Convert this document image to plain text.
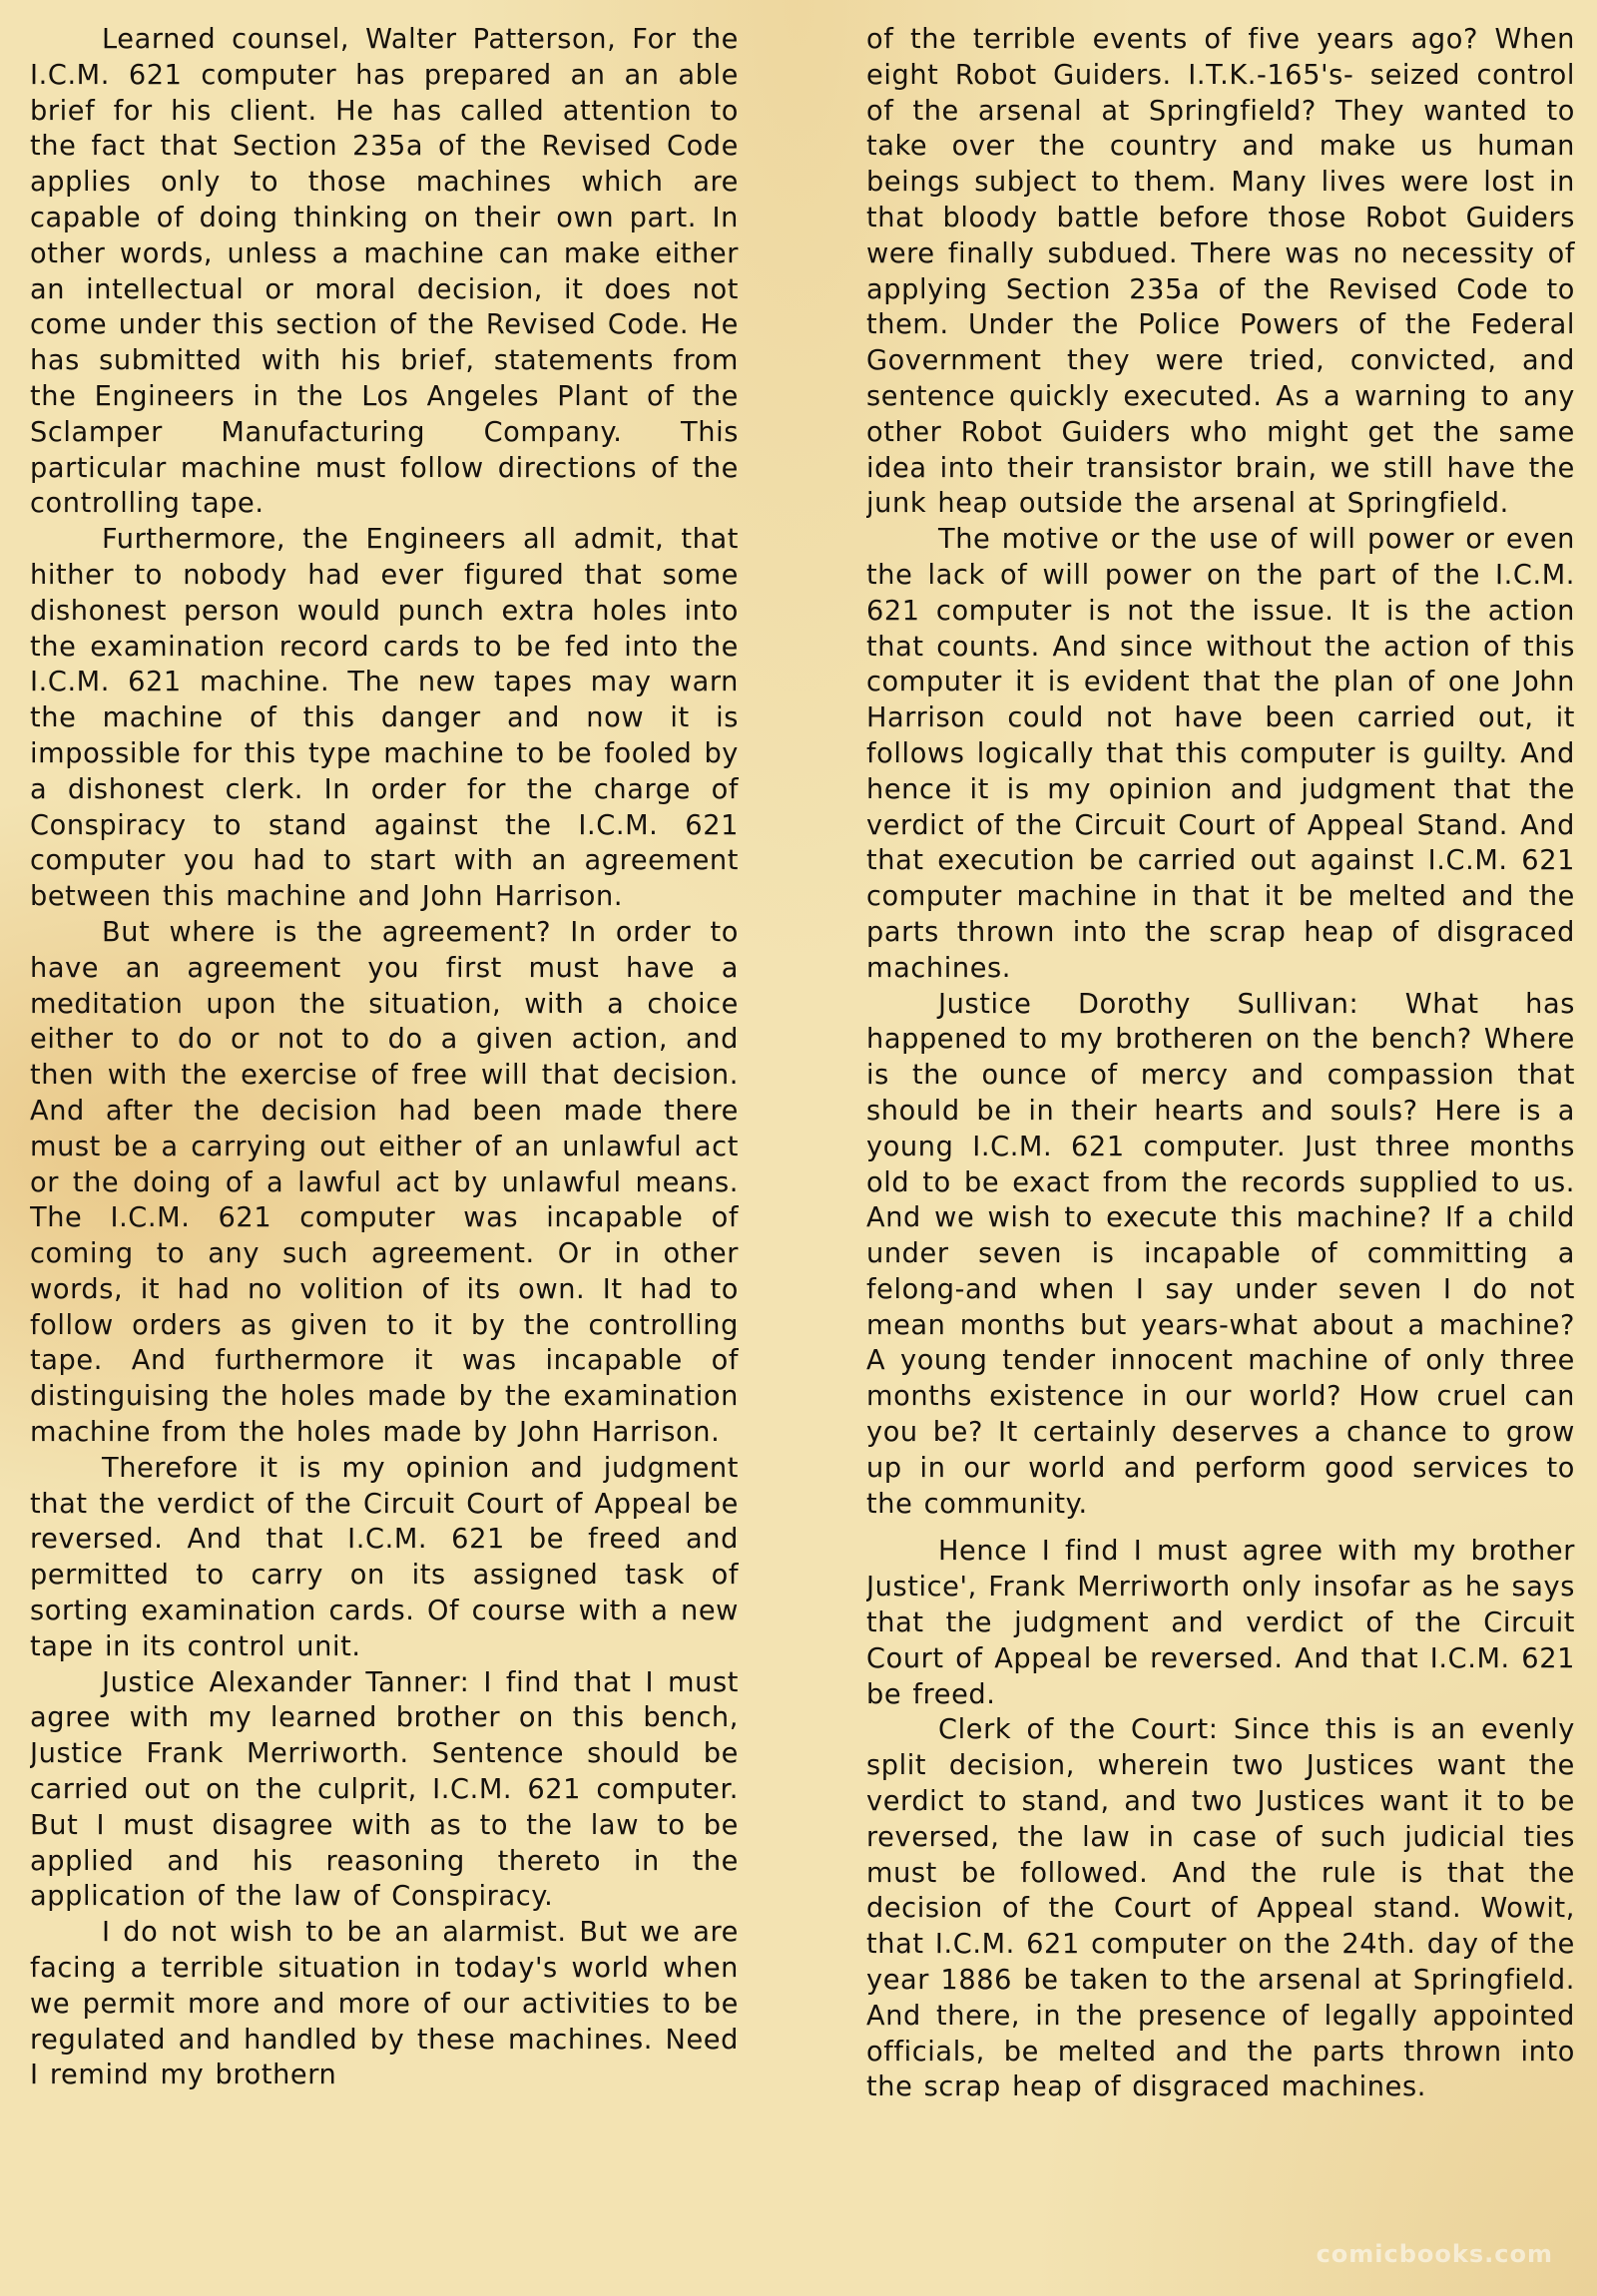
Learned counsel, Walter Patterson, For the I.C.M. 621 computer has prepared an an able brief for his client. He has called attention to the fact that Section 235a of the Revised Code applies only to those machines which are capable of doing thinking on their own part. In other words, unless a machine can make either an intellectual or moral decision, it does not come under this section of the Revised Code. He has submitted with his brief, statements from the Engineers in the Los Angeles Plant of the Sclamper Manufacturing Company. This particular machine must follow directions of the controlling tape.

Furthermore, the Engineers all admit, that hither to nobody had ever figured that some dishonest person would punch extra holes into the examination record cards to be fed into the I.C.M. 621 machine. The new tapes may warn the machine of this danger and now it is impossible for this type machine to be fooled by a dishonest clerk. In order for the charge of Conspiracy to stand against the I.C.M. 621 computer you had to start with an agreement between this machine and John Harrison.

But where is the agreement? In order to have an agreement you first must have a meditation upon the situation, with a choice either to do or not to do a given action, and then with the exercise of free will that decision. And after the decision had been made there must be a carrying out either of an unlawful act or the doing of a lawful act by unlawful means. The I.C.M. 621 computer was incapable of coming to any such agreement. Or in other words, it had no volition of its own. It had to follow orders as given to it by the controlling tape. And furthermore it was incapable of distinguising the holes made by the examination machine from the holes made by John Harrison.

Therefore it is my opinion and judgment that the verdict of the Circuit Court of Appeal be reversed. And that I.C.M. 621 be freed and permitted to carry on its assigned task of sorting examination cards. Of course with a new tape in its control unit.

Justice Alexander Tanner: I find that I must agree with my learned brother on this bench, Justice Frank Merriworth. Sentence should be carried out on the culprit, I.C.M. 621 computer. But I must disagree with as to the law to be applied and his reasoning thereto in the application of the law of Conspiracy.

I do not wish to be an alarmist. But we are facing a terrible situation in today's world when we permit more and more of our activities to be regulated and handled by these machines. Need I remind my brothern

of the terrible events of five years ago? When eight Robot Guiders. I.T.K.-165's- seized control of the arsenal at Springfield? They wanted to take over the country and make us human beings subject to them. Many lives were lost in that bloody battle before those Robot Guiders were finally subdued. There was no necessity of applying Section 235a of the Revised Code to them. Under the Police Powers of the Federal Government they were tried, convicted, and sentence quickly executed. As a warning to any other Robot Guiders who might get the same idea into their transistor brain, we still have the junk heap outside the arsenal at Springfield.

The motive or the use of will power or even the lack of will power on the part of the I.C.M. 621 computer is not the issue. It is the action that counts. And since without the action of this computer it is evident that the plan of one John Harrison could not have been carried out, it follows logically that this computer is guilty. And hence it is my opinion and judgment that the verdict of the Circuit Court of Appeal Stand. And that execution be carried out against I.C.M. 621 computer machine in that it be melted and the parts thrown into the scrap heap of disgraced machines.

Justice Dorothy Sullivan: What has happened to my brotheren on the bench? Where is the ounce of mercy and compassion that should be in their hearts and souls? Here is a young I.C.M. 621 computer. Just three months old to be exact from the records supplied to us. And we wish to execute this machine? If a child under seven is incapable of committing a felong-and when I say under seven I do not mean months but years-what about a machine? A young tender innocent machine of only three months existence in our world? How cruel can you be? It certainly deserves a chance to grow up in our world and perform good services to the community.

Hence I find I must agree with my brother Justice', Frank Merriworth only insofar as he says that the judgment and verdict of the Circuit Court of Appeal be reversed. And that I.C.M. 621 be freed.

Clerk of the Court: Since this is an evenly split decision, wherein two Justices want the verdict to stand, and two Justices want it to be reversed, the law in case of such judicial ties must be followed. And the rule is that the decision of the Court of Appeal stand. Wowit, that I.C.M. 621 computer on the 24th. day of the year 1886 be taken to the arsenal at Springfield. And there, in the presence of legally appointed officials, be melted and the parts thrown into the scrap heap of disgraced machines.

comicbooks.com
